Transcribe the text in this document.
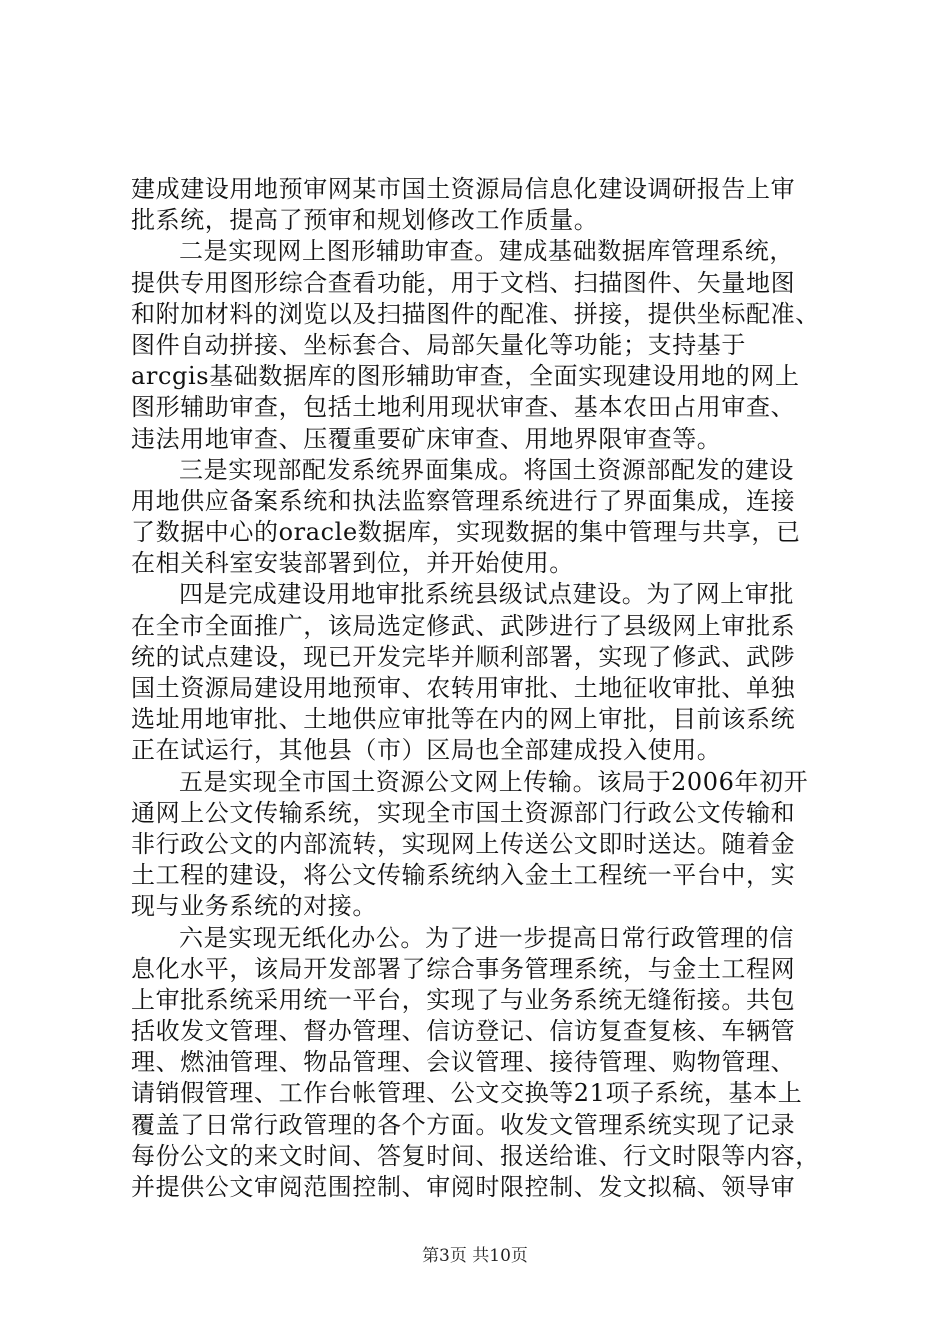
建成建设用地预审网某市国土资源局信息化建设调研报告上审
批系统，提高了预审和规划修改工作质量。
二是实现网上图形辅助审查。建成基础数据库管理系统，
提供专用图形综合查看功能，用于文档、扫描图件、矢量地图
和附加材料的浏览以及扫描图件的配准、拼接，提供坐标配准、
图件自动拼接、坐标套合、局部矢量化等功能；支持基于
arcgis基础数据库的图形辅助审查，全面实现建设用地的网上
图形辅助审查，包括土地利用现状审查、基本农田占用审查、
违法用地审查、压覆重要矿床审查、用地界限审查等。
三是实现部配发系统界面集成。将国土资源部配发的建设
用地供应备案系统和执法监察管理系统进行了界面集成，连接
了数据中心的oracle数据库，实现数据的集中管理与共享，已
在相关科室安装部署到位，并开始使用。
四是完成建设用地审批系统县级试点建设。为了网上审批
在全市全面推广，该局选定修武、武陟进行了县级网上审批系
统的试点建设，现已开发完毕并顺利部署，实现了修武、武陟
国土资源局建设用地预审、农转用审批、土地征收审批、单独
选址用地审批、土地供应审批等在内的网上审批，目前该系统
正在试运行，其他县（市）区局也全部建成投入使用。
五是实现全市国土资源公文网上传输。该局于2006年初开
通网上公文传输系统，实现全市国土资源部门行政公文传输和
非行政公文的内部流转，实现网上传送公文即时送达。随着金
土工程的建设，将公文传输系统纳入金土工程统一平台中，实
现与业务系统的对接。
六是实现无纸化办公。为了进一步提高日常行政管理的信
息化水平，该局开发部署了综合事务管理系统，与金土工程网
上审批系统采用统一平台，实现了与业务系统无缝衔接。共包
括收发文管理、督办管理、信访登记、信访复查复核、车辆管
理、燃油管理、物品管理、会议管理、接待管理、购物管理、
请销假管理、工作台帐管理、公文交换等21项子系统，基本上
覆盖了日常行政管理的各个方面。收发文管理系统实现了记录
每份公文的来文时间、答复时间、报送给谁、行文时限等内容，
并提供公文审阅范围控制、审阅时限控制、发文拟稿、领导审
第3页 共10页
